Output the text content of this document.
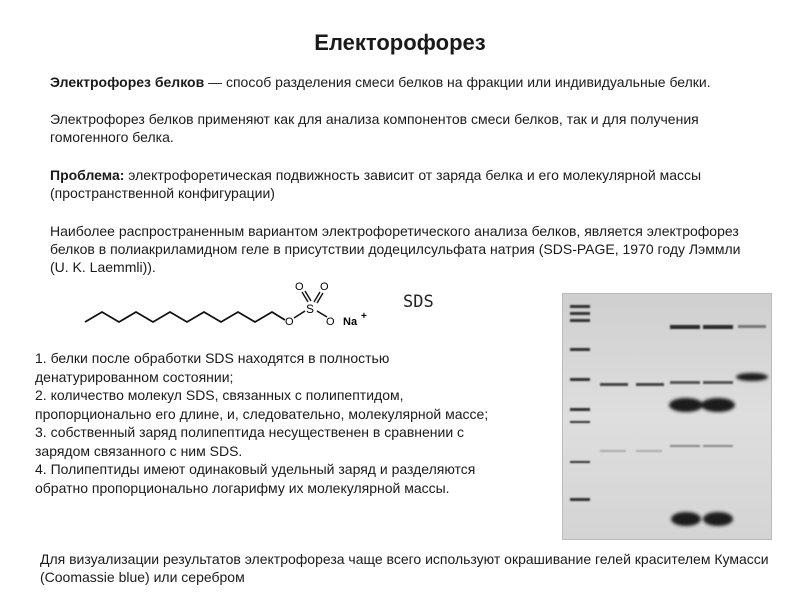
Електорофорез
Электрофорез белков — способ разделения смеси белков на фракции или индивидуальные белки.
Электрофорез белков применяют как для анализа компонентов смеси белков, так и для получения гомогенного белка.
Проблема: электрофоретическая подвижность зависит от заряда белка и его молекулярной массы (пространственной конфигурации)
Наиболее распространенным вариантом электрофоретического анализа белков, является электрофорез белков в полиакриламидном геле в присутствии додецилсульфата натрия (SDS-PAGE, 1970 году Лэммли (U. K. Laemmli)).
O
S
O O
O Na +
SDS
1. белки после обработки SDS находятся в полностью денатурированном состоянии;
2. количество молекул SDS, связанных с полипептидом, пропорционально его длине, и, следовательно, молекулярной массе;
3. собственный заряд полипептида несущественен в сравнении с зарядом связанного с ним SDS.
4. Полипептиды имеют одинаковый удельный заряд и разделяются обратно пропорционально логарифму их молекулярной массы.
Для визуализации результатов электрофореза чаще всего используют окрашивание гелей красителем Кумасси (Coomassie blue) или серебром
